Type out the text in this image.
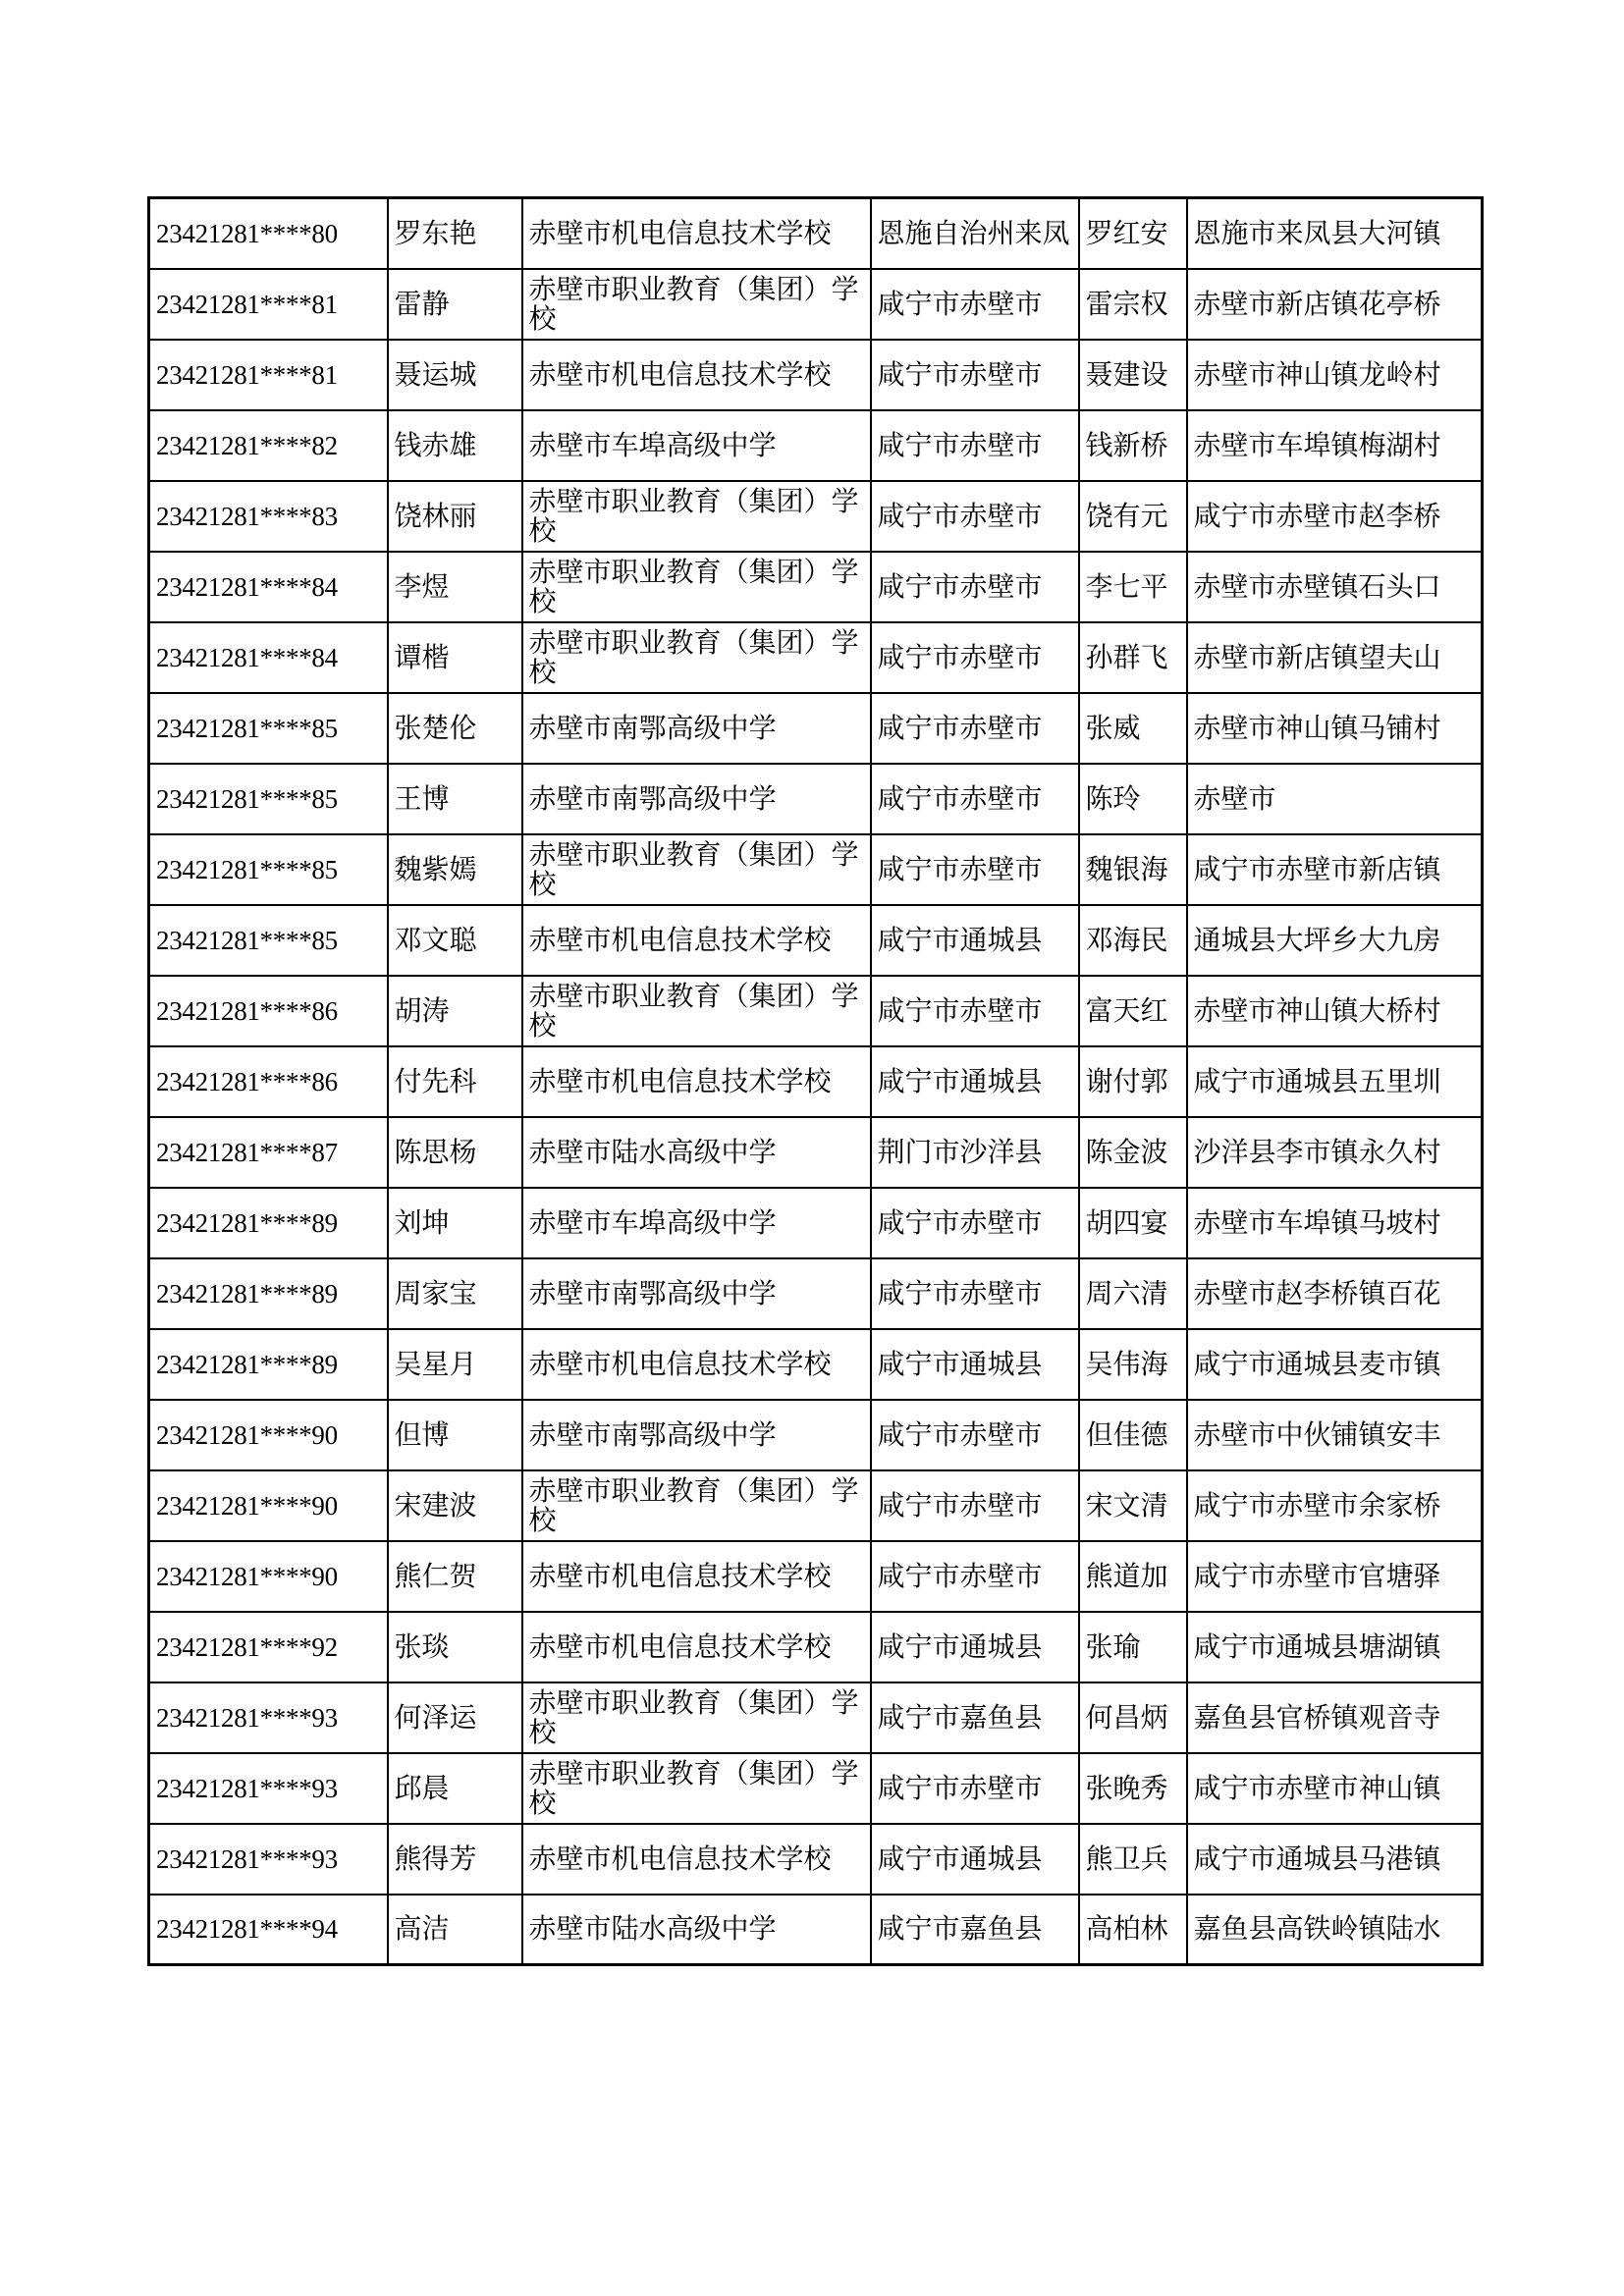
23421281****80	罗东艳	赤壁市机电信息技术学校	恩施自治州来凤	罗红安	恩施市来凤县大河镇
23421281****81	雷静	赤壁市职业教育（集团）学校	咸宁市赤壁市	雷宗权	赤壁市新店镇花亭桥
23421281****81	聂运城	赤壁市机电信息技术学校	咸宁市赤壁市	聂建设	赤壁市神山镇龙岭村
23421281****82	钱赤雄	赤壁市车埠高级中学	咸宁市赤壁市	钱新桥	赤壁市车埠镇梅湖村
23421281****83	饶林丽	赤壁市职业教育（集团）学校	咸宁市赤壁市	饶有元	咸宁市赤壁市赵李桥
23421281****84	李煜	赤壁市职业教育（集团）学校	咸宁市赤壁市	李七平	赤壁市赤壁镇石头口
23421281****84	谭楷	赤壁市职业教育（集团）学校	咸宁市赤壁市	孙群飞	赤壁市新店镇望夫山
23421281****85	张楚伦	赤壁市南鄂高级中学	咸宁市赤壁市	张威	赤壁市神山镇马铺村
23421281****85	王博	赤壁市南鄂高级中学	咸宁市赤壁市	陈玲	赤壁市
23421281****85	魏紫嫣	赤壁市职业教育（集团）学校	咸宁市赤壁市	魏银海	咸宁市赤壁市新店镇
23421281****85	邓文聪	赤壁市机电信息技术学校	咸宁市通城县	邓海民	通城县大坪乡大九房
23421281****86	胡涛	赤壁市职业教育（集团）学校	咸宁市赤壁市	富天红	赤壁市神山镇大桥村
23421281****86	付先科	赤壁市机电信息技术学校	咸宁市通城县	谢付郭	咸宁市通城县五里圳
23421281****87	陈思杨	赤壁市陆水高级中学	荆门市沙洋县	陈金波	沙洋县李市镇永久村
23421281****89	刘坤	赤壁市车埠高级中学	咸宁市赤壁市	胡四宴	赤壁市车埠镇马坡村
23421281****89	周家宝	赤壁市南鄂高级中学	咸宁市赤壁市	周六清	赤壁市赵李桥镇百花
23421281****89	吴星月	赤壁市机电信息技术学校	咸宁市通城县	吴伟海	咸宁市通城县麦市镇
23421281****90	但博	赤壁市南鄂高级中学	咸宁市赤壁市	但佳德	赤壁市中伙铺镇安丰
23421281****90	宋建波	赤壁市职业教育（集团）学校	咸宁市赤壁市	宋文清	咸宁市赤壁市余家桥
23421281****90	熊仁贺	赤壁市机电信息技术学校	咸宁市赤壁市	熊道加	咸宁市赤壁市官塘驿
23421281****92	张琰	赤壁市机电信息技术学校	咸宁市通城县	张瑜	咸宁市通城县塘湖镇
23421281****93	何泽运	赤壁市职业教育（集团）学校	咸宁市嘉鱼县	何昌炳	嘉鱼县官桥镇观音寺
23421281****93	邱晨	赤壁市职业教育（集团）学校	咸宁市赤壁市	张晚秀	咸宁市赤壁市神山镇
23421281****93	熊得芳	赤壁市机电信息技术学校	咸宁市通城县	熊卫兵	咸宁市通城县马港镇
23421281****94	高洁	赤壁市陆水高级中学	咸宁市嘉鱼县	高柏林	嘉鱼县高铁岭镇陆水
